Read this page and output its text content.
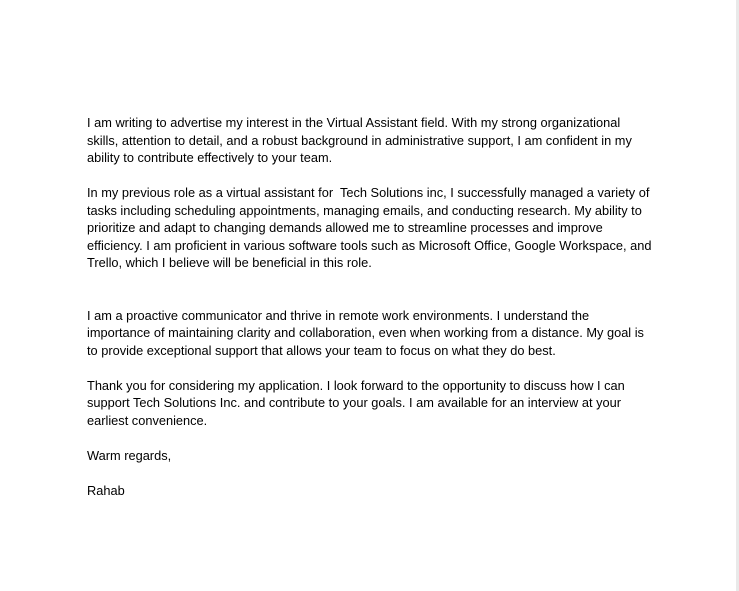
I am writing to advertise my interest in the Virtual Assistant field. With my strong organizational skills, attention to detail, and a robust background in administrative support, I am confident in my ability to contribute effectively to your team.

In my previous role as a virtual assistant for  Tech Solutions inc, I successfully managed a variety of tasks including scheduling appointments, managing emails, and conducting research. My ability to prioritize and adapt to changing demands allowed me to streamline processes and improve efficiency. I am proficient in various software tools such as Microsoft Office, Google Workspace, and Trello, which I believe will be beneficial in this role.

I am a proactive communicator and thrive in remote work environments. I understand the importance of maintaining clarity and collaboration, even when working from a distance. My goal is to provide exceptional support that allows your team to focus on what they do best.

Thank you for considering my application. I look forward to the opportunity to discuss how I can support Tech Solutions Inc. and contribute to your goals. I am available for an interview at your earliest convenience.

Warm regards,

Rahab
